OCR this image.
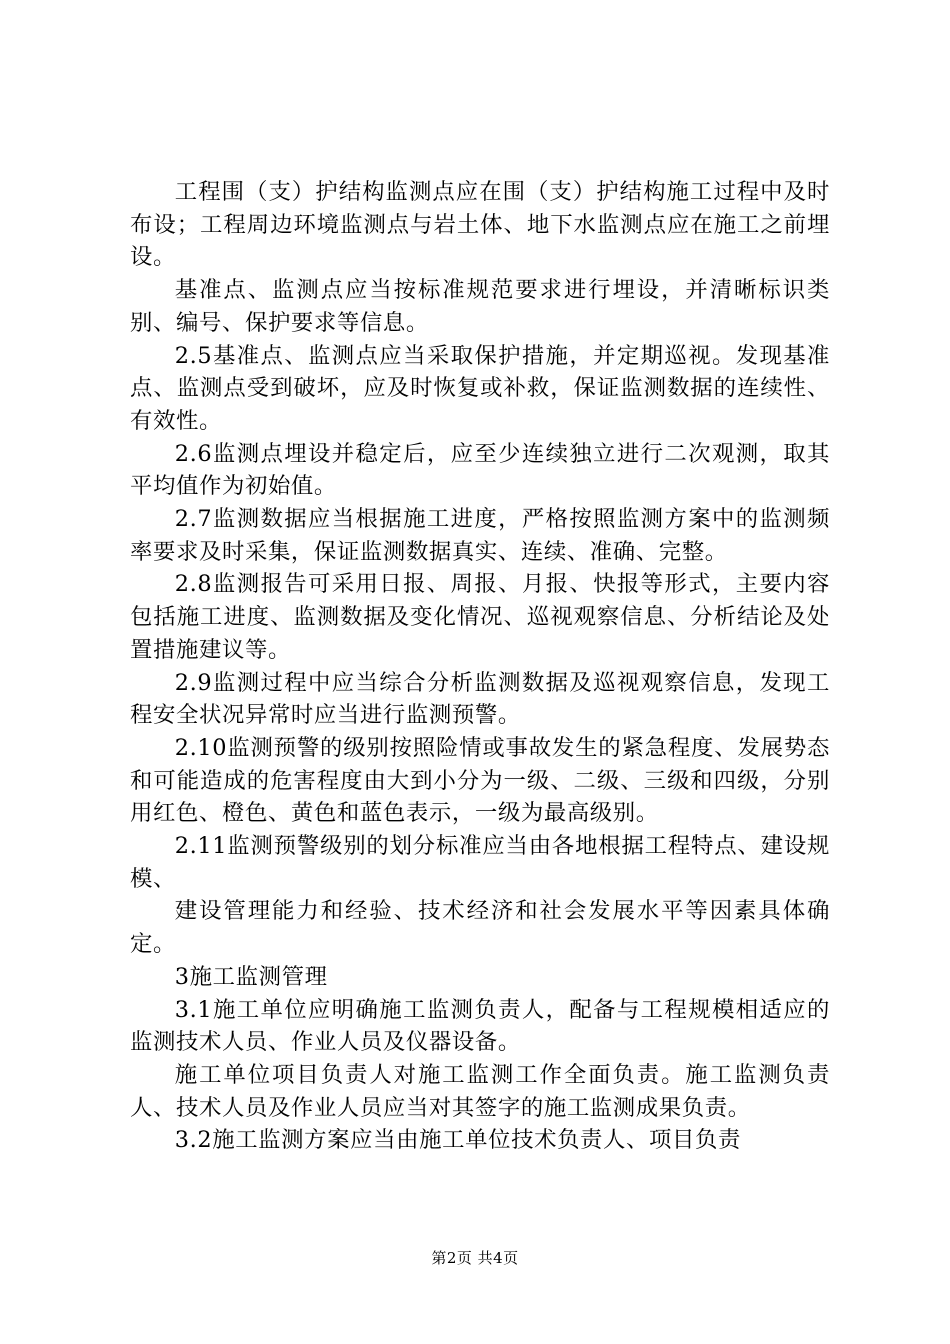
工程围（支）护结构监测点应在围（支）护结构施工过程中及时布设；工程周边环境监测点与岩土体、地下水监测点应在施工之前埋设。

基准点、监测点应当按标准规范要求进行埋设，并清晰标识类别、编号、保护要求等信息。

2.5基准点、监测点应当采取保护措施，并定期巡视。发现基准点、监测点受到破坏，应及时恢复或补救，保证监测数据的连续性、有效性。

2.6监测点埋设并稳定后，应至少连续独立进行二次观测，取其平均值作为初始值。

2.7监测数据应当根据施工进度，严格按照监测方案中的监测频率要求及时采集，保证监测数据真实、连续、准确、完整。

2.8监测报告可采用日报、周报、月报、快报等形式，主要内容包括施工进度、监测数据及变化情况、巡视观察信息、分析结论及处置措施建议等。

2.9监测过程中应当综合分析监测数据及巡视观察信息，发现工程安全状况异常时应当进行监测预警。

2.10监测预警的级别按照险情或事故发生的紧急程度、发展势态和可能造成的危害程度由大到小分为一级、二级、三级和四级，分别用红色、橙色、黄色和蓝色表示，一级为最高级别。

2.11监测预警级别的划分标准应当由各地根据工程特点、建设规模、

建设管理能力和经验、技术经济和社会发展水平等因素具体确定。

3施工监测管理

3.1施工单位应明确施工监测负责人，配备与工程规模相适应的监测技术人员、作业人员及仪器设备。

施工单位项目负责人对施工监测工作全面负责。施工监测负责人、技术人员及作业人员应当对其签字的施工监测成果负责。

3.2施工监测方案应当由施工单位技术负责人、项目负责

第2页 共4页
